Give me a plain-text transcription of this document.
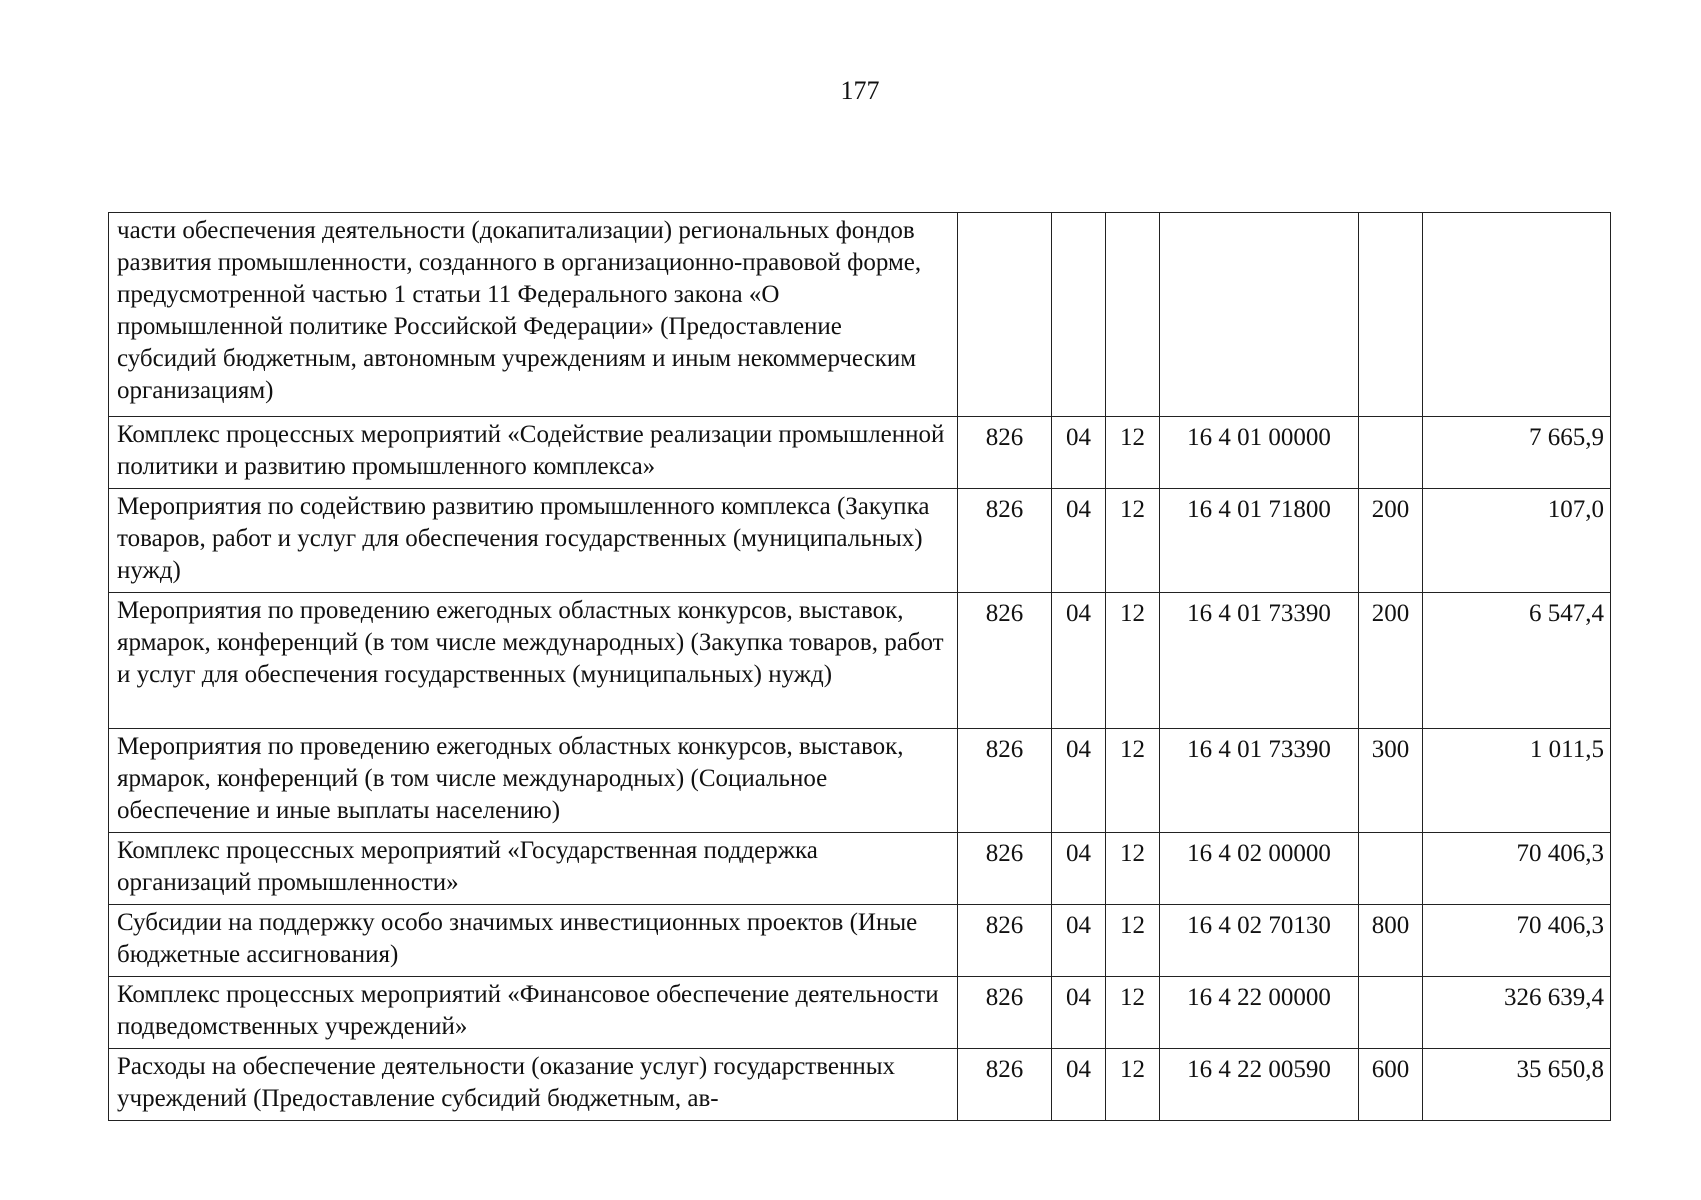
177
части обеспечения деятельности (докапитализации) региональных фондов развития промышленности, созданного в организационно-правовой форме, предусмотренной частью 1 статьи 11 Федерального закона «О промышленной политике Российской Федерации» (Предоставление субсидий бюджетным, автономным учреждениям и иным некоммерческим организациям)						
Комплекс процессных мероприятий «Содействие реализации промышленной политики и развитию промышленного комплекса»	826	04	12	16 4 01 00000		7 665,9
Мероприятия по содействию развитию промышленного комплекса (Закупка товаров, работ и услуг для обеспечения государственных (муниципальных) нужд)	826	04	12	16 4 01 71800	200	107,0
Мероприятия по проведению ежегодных областных конкурсов, выставок, ярмарок, конференций (в том числе международных) (Закупка товаров, работ и услуг для обеспечения государственных (муниципальных) нужд)	826	04	12	16 4 01 73390	200	6 547,4
Мероприятия по проведению ежегодных областных конкурсов, выставок, ярмарок, конференций (в том числе международных) (Социальное обеспечение и иные выплаты населению)	826	04	12	16 4 01 73390	300	1 011,5
Комплекс процессных мероприятий «Государственная поддержка организаций промышленности»	826	04	12	16 4 02 00000		70 406,3
Субсидии на поддержку особо значимых инвестиционных проектов (Иные бюджетные ассигнования)	826	04	12	16 4 02 70130	800	70 406,3
Комплекс процессных мероприятий «Финансовое обеспечение деятельности подведомственных учреждений»	826	04	12	16 4 22 00000		326 639,4
Расходы на обеспечение деятельности (оказание услуг) государственных учреждений (Предоставление субсидий бюджетным, ав-	826	04	12	16 4 22 00590	600	35 650,8
